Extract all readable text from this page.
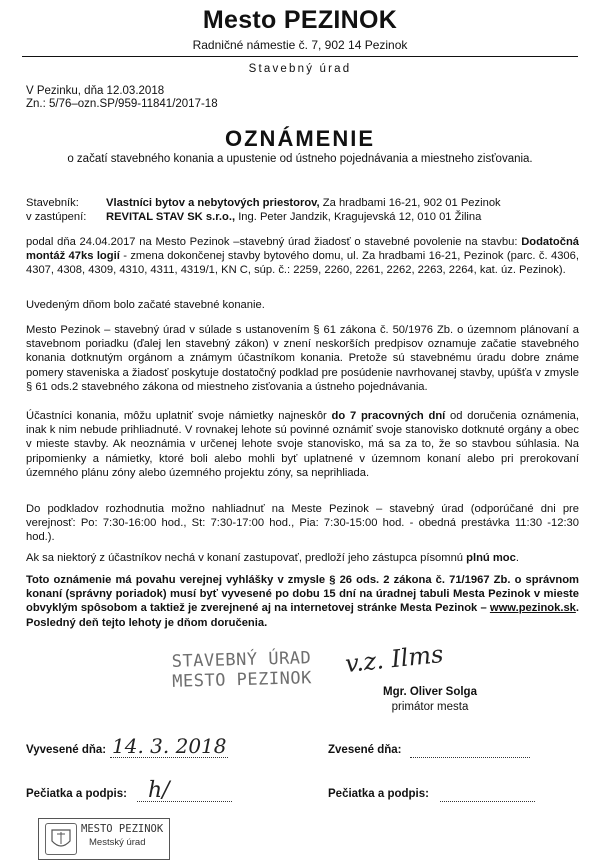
Mesto PEZINOK
Radničné námestie č. 7, 902 14 Pezinok
Stavebný úrad
V Pezinku, dňa 12.03.2018
Zn.: 5/76–ozn.SP/959-11841/2017-18
OZNÁMENIE
o začatí stavebného konania a upustenie od ústneho pojednávania a miestneho zisťovania.
Stavebník: Vlastníci bytov a nebytových priestorov, Za hradbami 16-21, 902 01 Pezinok
v zastúpení: REVITAL STAV SK s.r.o., Ing. Peter Jandzik, Kragujevská 12, 010 01 Žilina

podal dňa 24.04.2017 na Mesto Pezinok –stavebný úrad žiadosť o stavebné povolenie na stavbu: Dodatočná montáž 47ks logií - zmena dokončenej stavby bytového domu, ul. Za hradbami 16-21, Pezinok (parc. č. 4306, 4307, 4308, 4309, 4310, 4311, 4319/1, KN C, súp. č.: 2259, 2260, 2261, 2262, 2263, 2264, kat. úz. Pezinok).

Uvedeným dňom bolo začaté stavebné konanie.
Mesto Pezinok – stavebný úrad v súlade s ustanovením § 61 zákona č. 50/1976 Zb. o územnom plánovaní a stavebnom poriadku (ďalej len stavebný zákon) v znení neskorších predpisov oznamuje začatie stavebného konania dotknutým orgánom a známym účastníkom konania. Pretože sú stavebnému úradu dobre známe pomery staveniska a žiadosť poskytuje dostatočný podklad pre posúdenie navrhovanej stavby, upúšťa v zmysle § 61 ods.2 stavebného zákona od miestneho zisťovania a ústneho pojednávania.

Účastníci konania, môžu uplatniť svoje námietky najneskôr do 7 pracovných dní od doručenia oznámenia, inak k nim nebude prihliadnuté. V rovnakej lehote sú povinné oznámiť svoje stanovisko dotknuté orgány a obec v mieste stavby. Ak neoznámia v určenej lehote svoje stanovisko, má sa za to, že so stavbou súhlasia. Na pripomienky a námietky, ktoré boli alebo mohli byť uplatnené v územnom konaní alebo pri prerokovaní územného plánu zóny alebo územného projektu zóny, sa neprihliada.

Do podkladov rozhodnutia možno nahliadnuť na Meste Pezinok – stavebný úrad (odporúčané dni pre verejnosť: Po: 7:30-16:00 hod., St: 7:30-17:00 hod., Pia: 7:30-15:00 hod. - obedná prestávka 11:30 -12:30 hod.).

Ak sa niektorý z účastníkov nechá v konaní zastupovať, predloží jeho zástupca písomnú plnú moc.

Toto oznámenie má povahu verejnej vyhlášky v zmysle § 26 ods. 2 zákona č. 71/1967 Zb. o správnom konaní (správny poriadok) musí byť vyvesené po dobu 15 dní na úradnej tabuli Mesta Pezinok v mieste obvyklým spôsobom a taktiež je zverejnené aj na internetovej stránke Mesta Pezinok – www.pezinok.sk. Posledný deň tejto lehoty je dňom doručenia.

STAVEBNÝ ÚRAD
MESTO PEZINOK
v.z. Ilms
Mgr. Oliver Solga
primátor mesta
Vyvesené dňa: 14. 3. 2018	Zvesené dňa:
Pečiatka a podpis: h/	Pečiatka a podpis:
MESTO PEZINOK
Mestský úrad
